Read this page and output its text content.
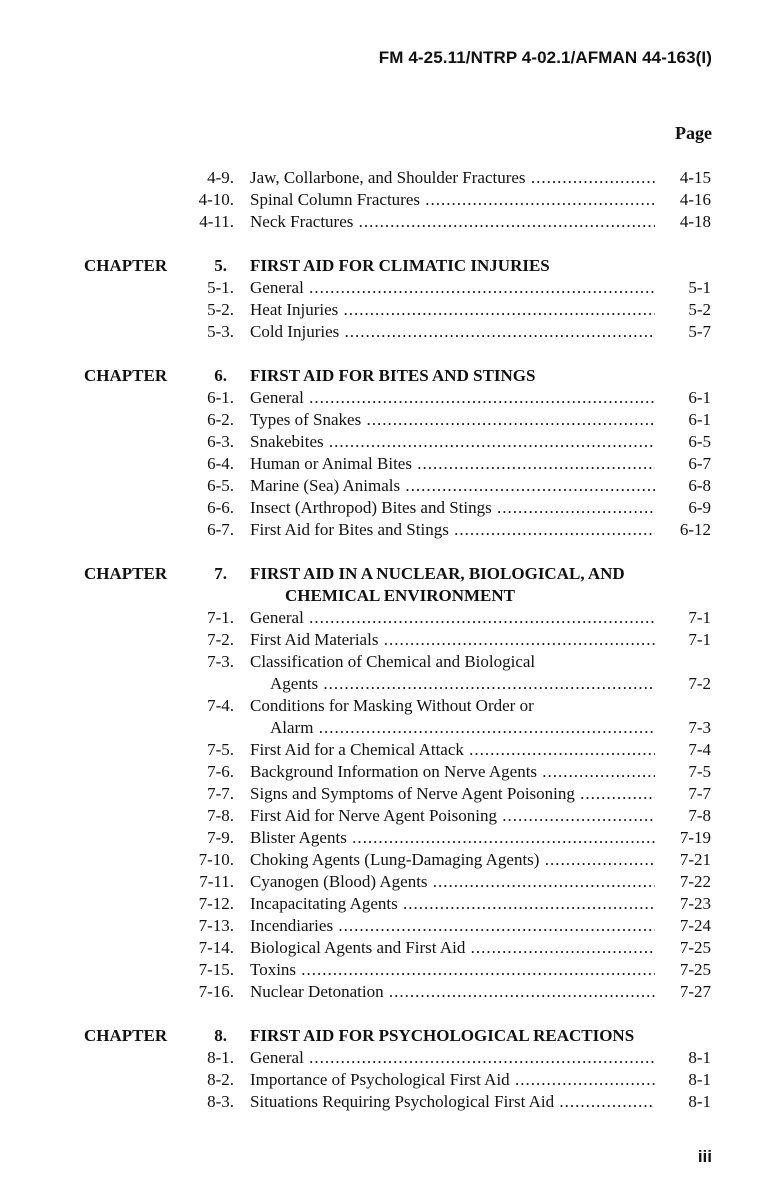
FM 4-25.11/NTRP 4-02.1/AFMAN 44-163(I)
Page
4-9. Jaw, Collarbone, and Shoulder Fractures .....	4-15
4-10. Spinal Column Fractures .....	4-16
4-11. Neck Fractures .....	4-18
CHAPTER	5. FIRST AID FOR CLIMATIC INJURIES
5-1. General .....	5-1
5-2. Heat Injuries .....	5-2
5-3. Cold Injuries .....	5-7
CHAPTER	6. FIRST AID FOR BITES AND STINGS
6-1. General .....	6-1
6-2. Types of Snakes .....	6-1
6-3. Snakebites .....	6-5
6-4. Human or Animal Bites .....	6-7
6-5. Marine (Sea) Animals .....	6-8
6-6. Insect (Arthropod) Bites and Stings .....	6-9
6-7. First Aid for Bites and Stings .....	6-12
CHAPTER	7. FIRST AID IN A NUCLEAR, BIOLOGICAL, AND
CHEMICAL ENVIRONMENT
7-1. General .....	7-1
7-2. First Aid Materials .....	7-1
7-3. Classification of Chemical and Biological
Agents .....	7-2
7-4. Conditions for Masking Without Order or
Alarm .....	7-3
7-5. First Aid for a Chemical Attack .....	7-4
7-6. Background Information on Nerve Agents .....	7-5
7-7. Signs and Symptoms of Nerve Agent Poisoning .....	7-7
7-8. First Aid for Nerve Agent Poisoning .....	7-8
7-9. Blister Agents .....	7-19
7-10. Choking Agents (Lung-Damaging Agents) .....	7-21
7-11. Cyanogen (Blood) Agents .....	7-22
7-12. Incapacitating Agents .....	7-23
7-13. Incendiaries .....	7-24
7-14. Biological Agents and First Aid .....	7-25
7-15. Toxins .....	7-25
7-16. Nuclear Detonation .....	7-27
CHAPTER	8. FIRST AID FOR PSYCHOLOGICAL REACTIONS
8-1. General .....	8-1
8-2. Importance of Psychological First Aid .....	8-1
8-3. Situations Requiring Psychological First Aid .....	8-1
iii
